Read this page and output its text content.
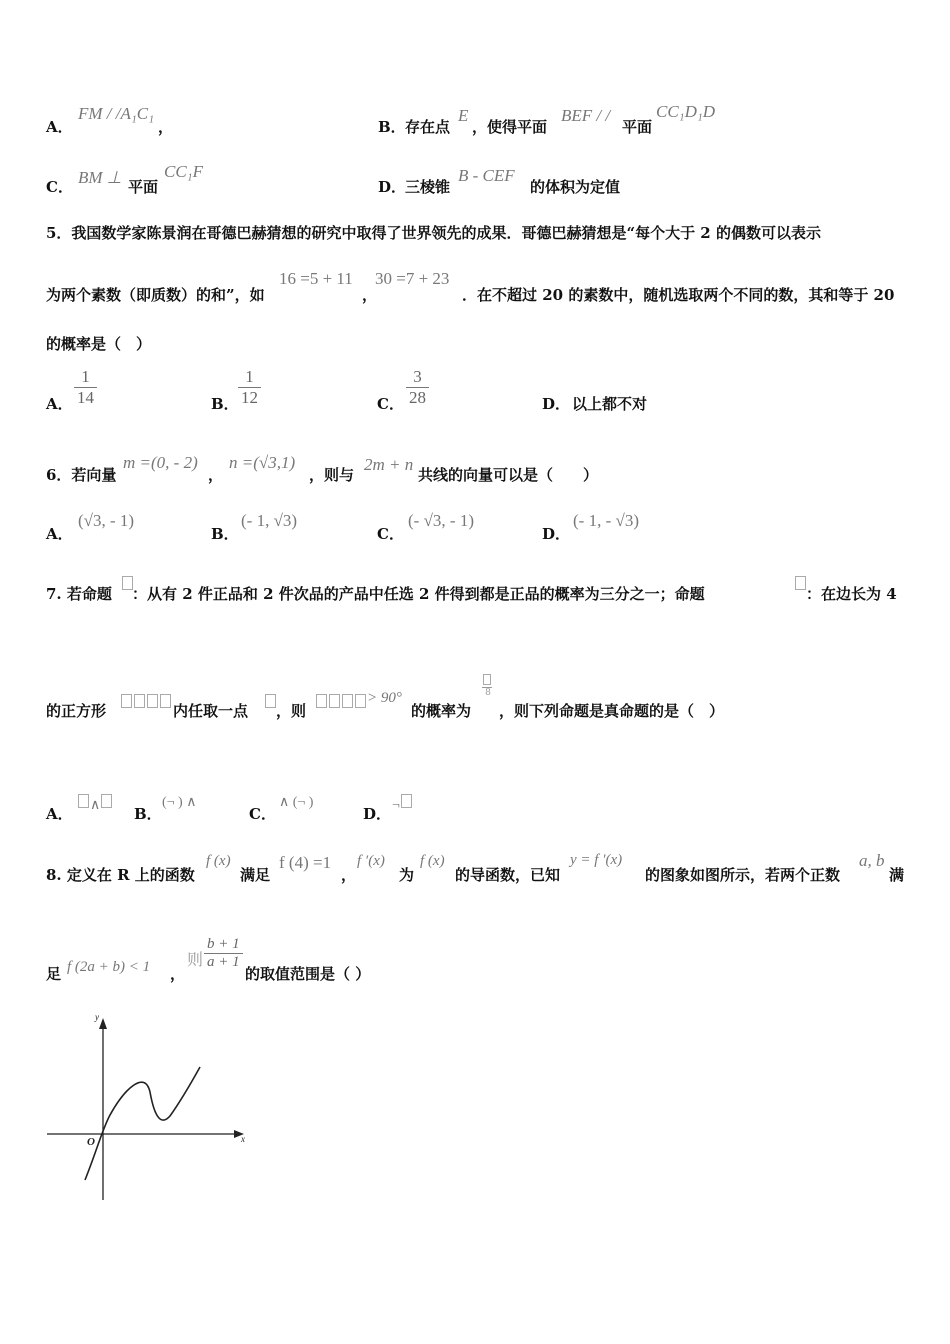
A．
FM / /A₁C₁
，	B． 存在点
E
，使得平面
BEF / /
平面
CC₁D₁D
C． BM ⊥ 平面
CC₁F
D．
三棱锥
B - CEF
的体积为定值
5．我国数学家陈景润在哥德巴赫猜想的研究中取得了世界领先的成果．哥德巴赫猜想是“每个大于 2 的偶数可以表示
为两个素数（即质数）的和”，如
16 =5 + 11
，
30 =7 + 23
．在不超过 20 的素数中，随机选取两个不同的数，其和等于 20
的概率是（　）
A． $\frac{1}{14}$	B． $\frac{1}{12}$	C． $\frac{3}{28}$	D． 以上都不对
6．若向量
m =(0, - 2)
，
n =(√3,1)
，则与
2m + n
共线的向量可以是（　　）
A．
(√3, - 1)
B．
(- 1, √3)
C．
(- √3, - 1)
D．
(- 1, - √3)
7. 若命题 ：从有 2 件正品和 2 件次品的产品中任选 2 件得到都是正品的概率为三分之一；命题	：在边长为 4
的正方形	内任取一点 ，则
> 90°
的概率为
8
，则下列命题是真命题的是（　）
A．	∧	B．
(¬ ) ∧
C．
∧ (¬ )
D． ¬
8. 定义在 R 上的函数
f (x)
满足
f (4) =1
，
f ′(x)
为
f (x)
的导函数，已知
y = f ′(x)
的图象如图所示，若两个正数
a, b
满
足 f (2a + b) < 1 ，
则 $\frac{b + 1}{a + 1}$
的取值范围是（ ）
y
x
O
